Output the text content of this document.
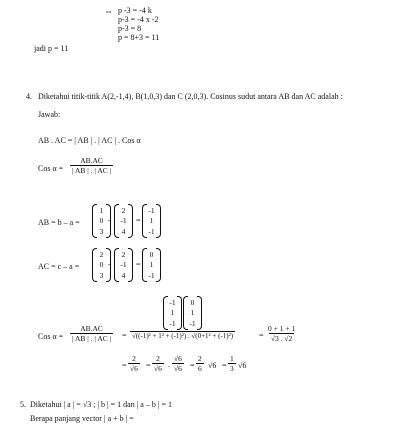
⇔ p -3 = -4 k
p-3 = -4 x -2
p-3 = 8
p = 8+3 = 11
jadi p = 11
4. Diketahui titik-titik A(2,-1,4), B(1,0,3) dan C (2,0,3). Cosinus sudut antara AB dan AC adalah :
Jawab:
AB . AC = | AB | . | AC | . Cos α
Cos $\alpha = \frac{AB.AC}{| AB | . | AC |}$
AB = b – a =
1
0
3
-
2
-1
4
=
-1
1
-1
AC = c – a =
2
0
3
-
2
-1
4
=
0
1
-1
Cos $\alpha = \frac{AB.AC}{| AB | . | AC |} = -1$
1
-1
0
1
-1
√((-1)² + 1² + (-1)²) . √(0+1² + (-1)²)	= $\frac{0 + 1 + 1}{√3 . √2}$
= $\frac{2}{√6} = \frac{2}{√6}$ . $\frac{√6}{√6} = \frac{2}{6} √6 = \frac{1}{3} √6$
5. Diketahui | a | = √3 ; | b | = 1 dan | a – b | = 1
Berapa panjang vector | a + b | =
